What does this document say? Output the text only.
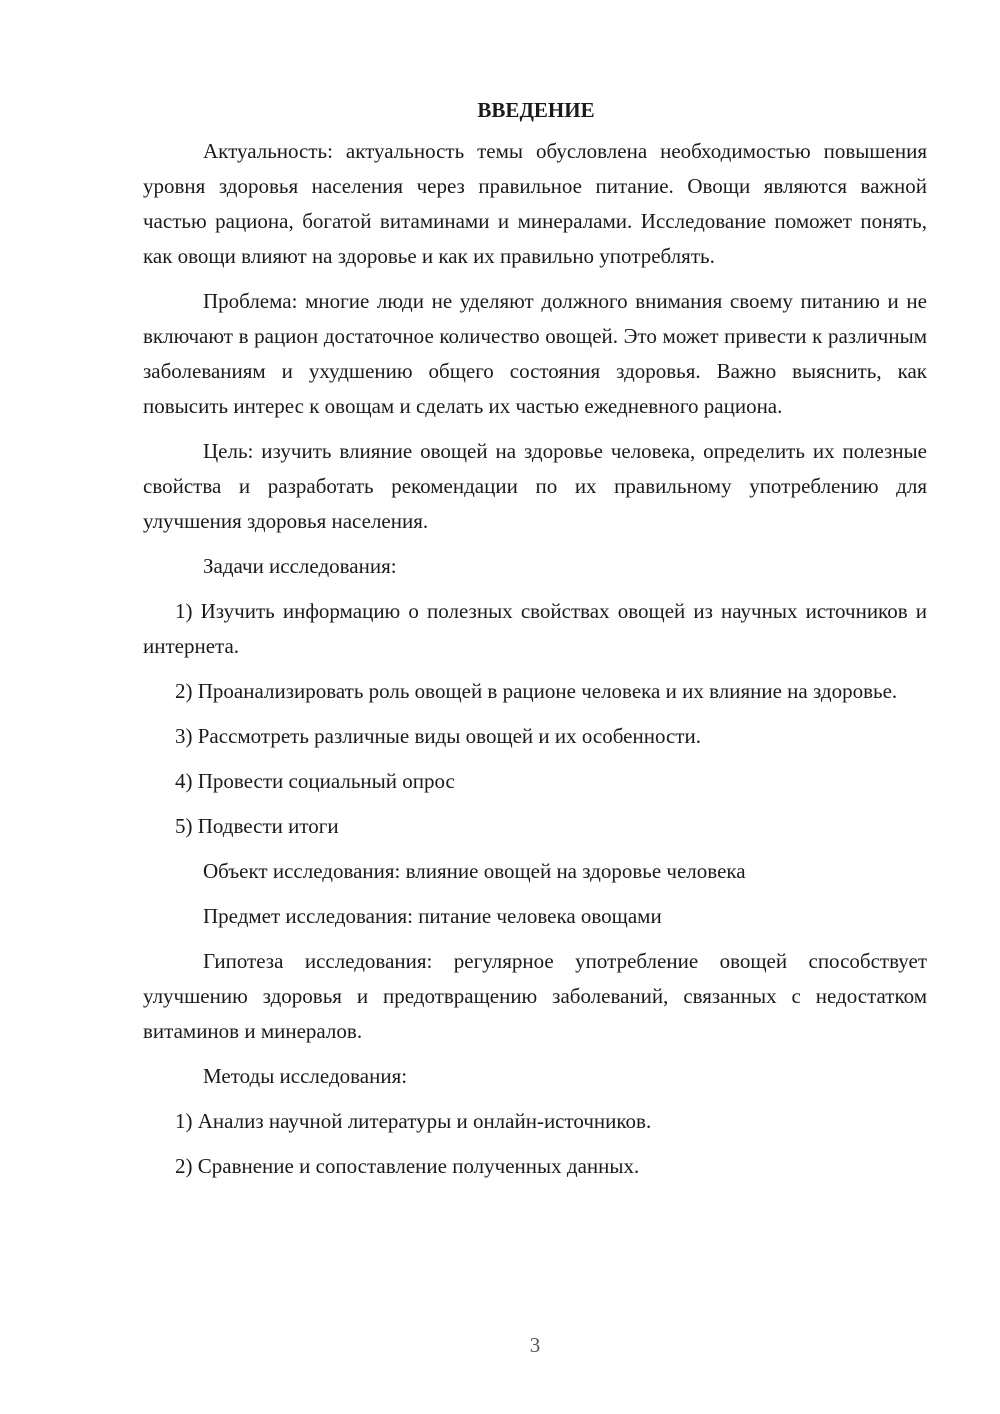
ВВЕДЕНИЕ

Актуальность: актуальность темы обусловлена необходимостью повышения уровня здоровья населения через правильное питание. Овощи являются важной частью рациона, богатой витаминами и минералами. Исследование поможет понять, как овощи влияют на здоровье и как их правильно употреблять.

Проблема: многие люди не уделяют должного внимания своему питанию и не включают в рацион достаточное количество овощей. Это может привести к различным заболеваниям и ухудшению общего состояния здоровья. Важно выяснить, как повысить интерес к овощам и сделать их частью ежедневного рациона.

Цель: изучить влияние овощей на здоровье человека, определить их полезные свойства и разработать рекомендации по их правильному употреблению для улучшения здоровья населения.

Задачи исследования:

1) Изучить информацию о полезных свойствах овощей из научных источников и интернета.

2) Проанализировать роль овощей в рационе человека и их влияние на здоровье.

3) Рассмотреть различные виды овощей и их особенности.

4) Провести социальный опрос

5) Подвести итоги

Объект исследования: влияние овощей на здоровье человека

Предмет исследования: питание человека овощами

Гипотеза исследования: регулярное употребление овощей способствует улучшению здоровья и предотвращению заболеваний, связанных с недостатком витаминов и минералов.

Методы исследования:

1) Анализ научной литературы и онлайн-источников.

2) Сравнение и сопоставление полученных данных.

3
